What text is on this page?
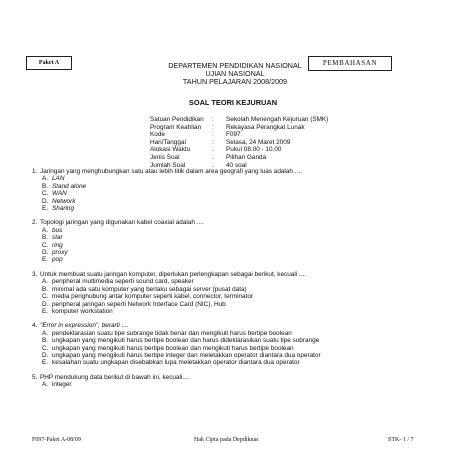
Paket A	PEMBAHASAN
DEPARTEMEN PENDIDIKAN NASIONAL
UJIAN NASIONAL
TAHUN PELAJARAN 2008/2009
SOAL TEORI KEJURUAN
Satuan Pendidikan	:	Sekolah Menengah Kejuruan (SMK)
Program Keahlian	:	Rekayasa Perangkat Lunak
Kode	:	F097
Hari/Tanggal	:	Selasa, 24 Maret 2009
Alokasi Waktu	:	Pukul 08.00 - 10.00
Jenis Soal	:	Pilihan Ganda
Jumlah Soal	:	40 soal
1. Jaringan yang menghubungkan satu atau lebih titik dalam area geografi yang luas adalah ....
A. LAN
B. Stand alone
C. WAN
D. Network
E. Sharing
2. Topologi jaringan yang digunakan kabel coaxial adalah ....
A. bus
B. star
C. ring
D. proxy
E. pop
3. Untuk membuat suatu jaringan komputer, diperlukan perlengkapan sebagai berikut, kecuali ....
A. peripheral multimedia seperti sound card, speaker
B. minimal ada satu komputer yang berlaku sebagai server (pusat data)
C. media penghubung antar komputer seperti kabel, connector, terminator
D. peripheral jaringan seperti Network Interface Card (NIC), Hub
E. komputer workstation
4. "Error in expression", berarti ....
A. pendeklarasian suatu tipe subrange tidak benar dan mengikuti harus bertipe boolean
B. ungkapan yang mengikuti harus bertipe boolean dan harus dideklarasikan suatu tipe subrange
C. ungkapan yang mengikuti harus bertipe boolean dan mengikuti harus bertipe boolean
D. ungkapan yang mengikuti harus bertipe integer dan meletakkan operator diantara dua operator
E. kesalahan suatu ungkapan disebabkan lupa meletakkan operator diantara dua operator
5. PHP mendukung data berikut di bawah ini, kecuali....
A. integer
F097-Paket A-08/09	Hak Cipta pada Depdiknas	STK- 1 / 7
